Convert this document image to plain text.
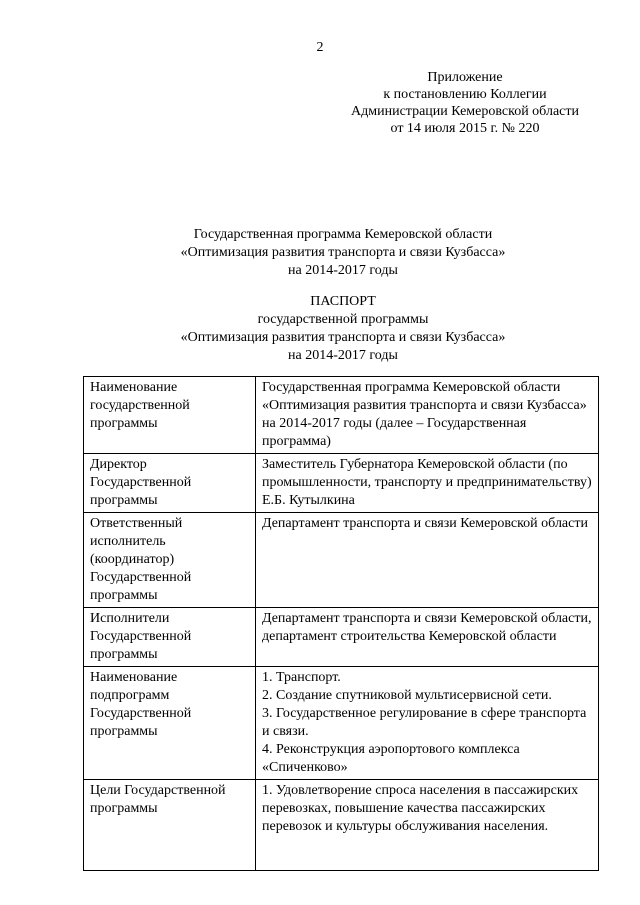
2
Приложение
к постановлению Коллегии
Администрации Кемеровской области
от 14 июля 2015 г. № 220
Государственная программа Кемеровской области
«Оптимизация развития транспорта и связи Кузбасса»
на 2014-2017 годы
ПАСПОРТ
государственной программы
«Оптимизация развития транспорта и связи Кузбасса»
на 2014-2017 годы
Наименование государственной программы	Государственная программа Кемеровской области «Оптимизация развития транспорта и связи Кузбасса» на 2014-2017 годы (далее – Государственная программа)
Директор Государственной программы	Заместитель Губернатора Кемеровской области (по промышленности, транспорту и предпринимательству) Е.Б. Кутылкина
Ответственный исполнитель (координатор) Государственной программы	Департамент транспорта и связи Кемеровской области
Исполнители Государственной программы	Департамент транспорта и связи Кемеровской области, департамент строительства Кемеровской области
Наименование подпрограмм Государственной программы	1. Транспорт.
2. Создание спутниковой мультисервисной сети.
3. Государственное регулирование в сфере транспорта и связи.
4. Реконструкция аэропортового комплекса «Спиченково»

Цели Государственной программы	1. Удовлетворение спроса населения в пассажирских перевозках, повышение качества пассажирских перевозок и культуры обслуживания населения.
